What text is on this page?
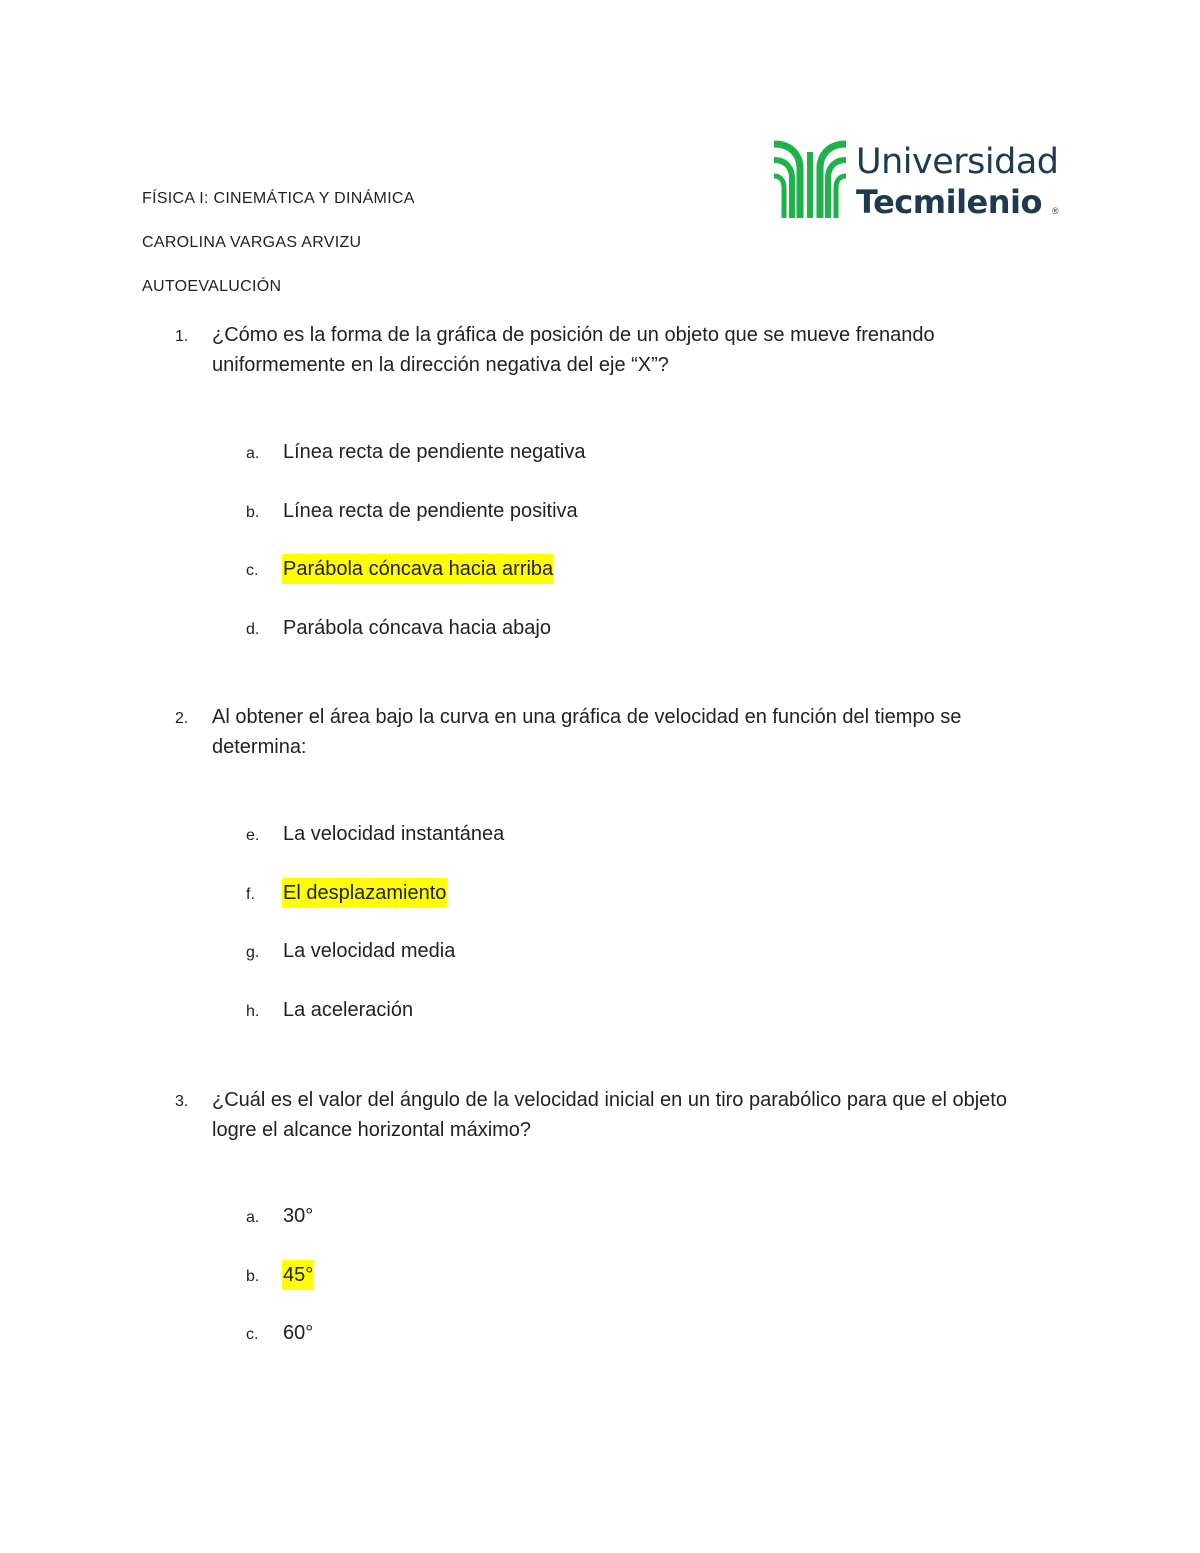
Universidad
Tecmilenio ®
FÍSICA I: CINEMÁTICA Y DINÁMICA
CAROLINA VARGAS ARVIZU
AUTOEVALUCIÓN
1. ¿Cómo es la forma de la gráfica de posición de un objeto que se mueve frenando uniformemente en la dirección negativa del eje “X”?
a. Línea recta de pendiente negativa
b. Línea recta de pendiente positiva
c. Parábola cóncava hacia arriba
d. Parábola cóncava hacia abajo
2. Al obtener el área bajo la curva en una gráfica de velocidad en función del tiempo se determina:
e. La velocidad instantánea
f. El desplazamiento
g. La velocidad media
h. La aceleración
3. ¿Cuál es el valor del ángulo de la velocidad inicial en un tiro parabólico para que el objeto logre el alcance horizontal máximo?
a. 30°
b. 45°
c. 60°
